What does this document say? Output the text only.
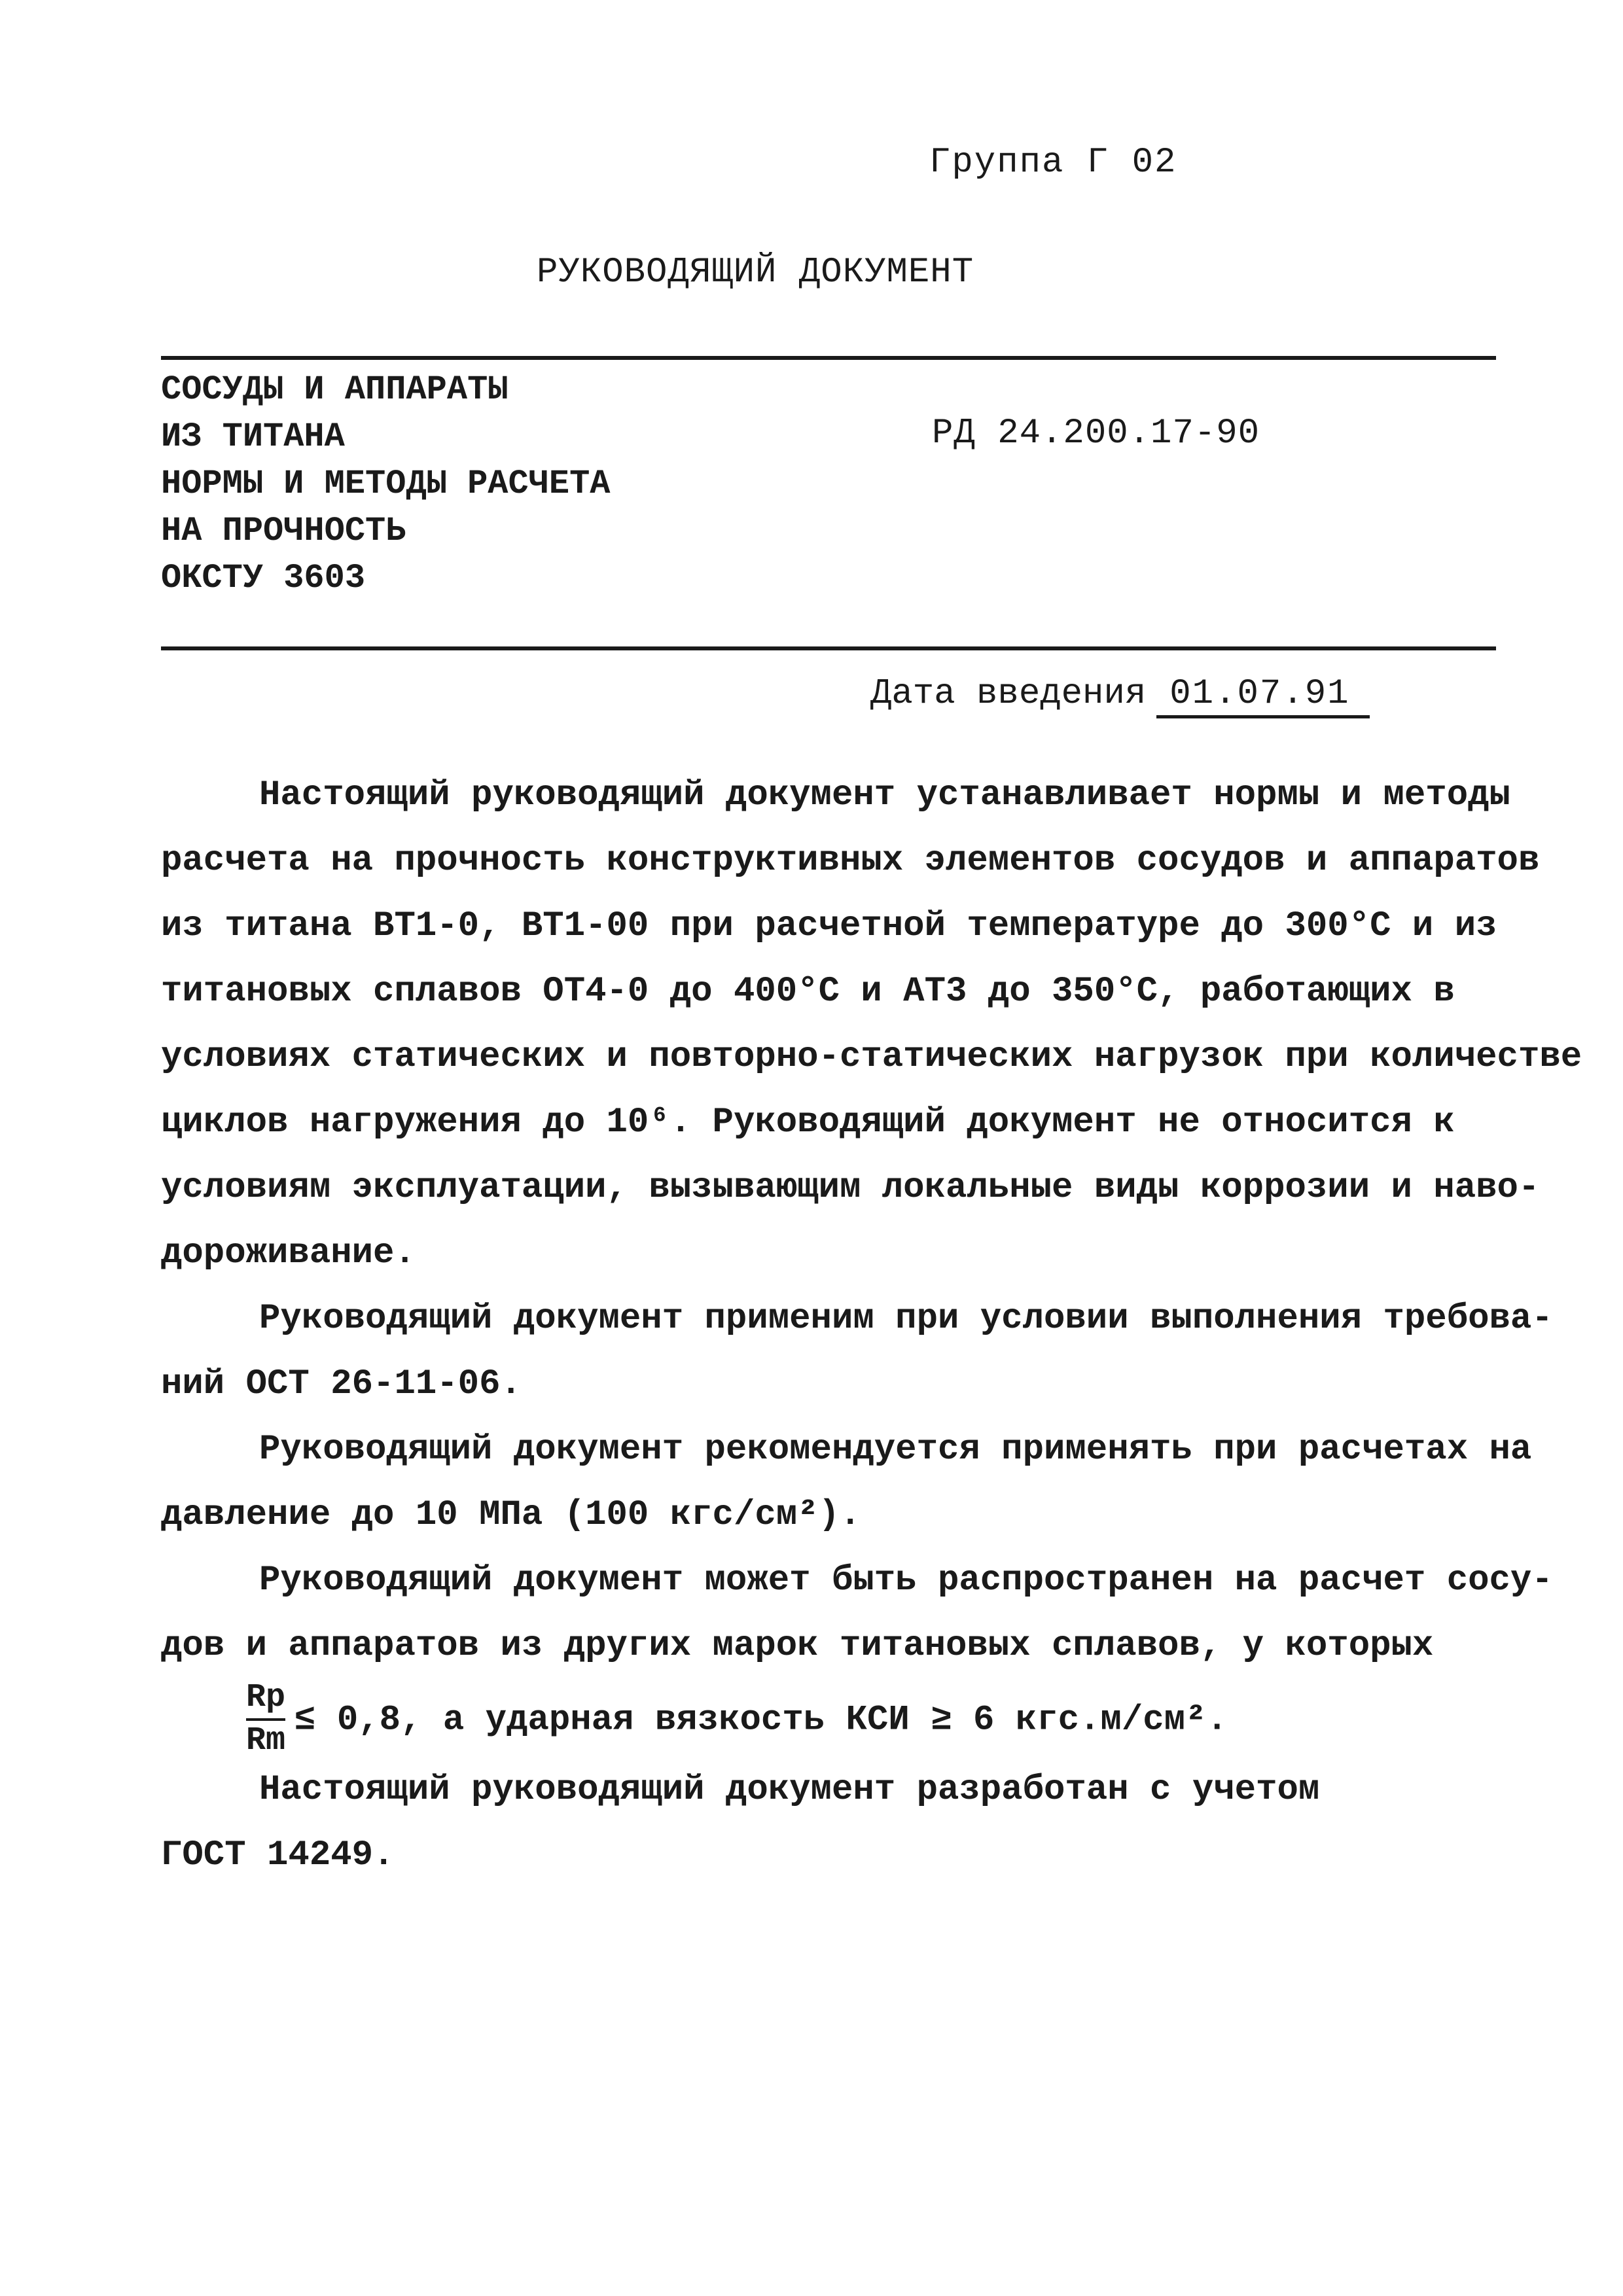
Группа Г 02
РУКОВОДЯЩИЙ ДОКУМЕНТ
СОСУДЫ И АППАРАТЫ
ИЗ ТИТАНА
НОРМЫ И МЕТОДЫ РАСЧЕТА
НА ПРОЧНОСТЬ
ОКСТУ 3603
РД 24.200.17-90
Дата введения 01.07.91
Настоящий руководящий документ устанавливает нормы и методы
расчета на прочность конструктивных элементов сосудов и аппаратов
из титана ВТ1-0, ВТ1-00 при расчетной температуре до 300°С и из
титановых сплавов ОТ4-0 до 400°С и АТ3 до 350°С, работающих в
условиях статических и повторно-статических нагрузок при количестве
циклов нагружения до 10⁶. Руководящий документ не относится к
условиям эксплуатации, вызывающим локальные виды коррозии и наво-
дороживание.
Руководящий документ применим при условии выполнения требова-
ний ОСТ 26-11-06.
Руководящий документ рекомендуется применять при расчетах на
давление до 10 МПа (100 кгс/см²).
Руководящий документ может быть распространен на расчет сосу-
дов и аппаратов из других марок титановых сплавов, у которых
$\frac{Rp}{Rm} \le 0,8$, а ударная вязкость КСИ ≥ 6 кгс.м/см².
Настоящий руководящий документ разработан с учетом
ГОСТ 14249.
